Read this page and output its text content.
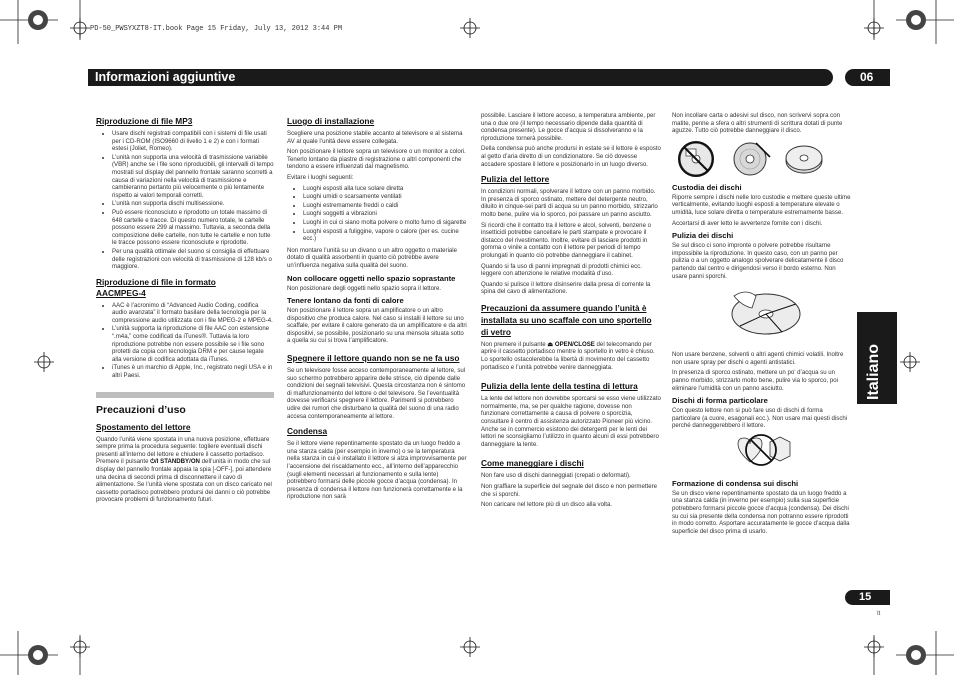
PD-50_PWSYXZT8-IT.book Page 15 Friday, July 13, 2012 3:44 PM
Informazioni aggiuntive	06
Italiano
15
It
Riproduzione di file MP3
• Usare dischi registrati compatibili con i sistemi di file usati per i CD-ROM (ISO9660 di livello 1 e 2) e con i formati estesi (Joliet, Romeo).
• L’unità non supporta una velocità di trasmissione variabile (VBR) anche se i file sono riproducibili, gli intervalli di tempo mostrati sul display del pannello frontale saranno scorretti a causa di variazioni nella velocità di trasmissione e cambieranno pertanto più velocemente o più lentamente rispetto ai valori temporali corretti.
• L’unità non supporta dischi multisessione.
• Può essere riconosciuto e riprodotto un totale massimo di 648 cartelle e tracce. Di questo numero totale, le cartelle possono essere 299 al massimo. Tuttavia, a seconda della composizione delle cartelle, non tutte le cartelle e non tutte le tracce possono essere riconosciute e riprodotte.
• Per una qualità ottimale del suono si consiglia di effettuare delle registrazioni con velocità di trasmissione di 128 kb/s o maggiore.
Riproduzione di file in formato
AACMPEG-4
• AAC è l’acronimo di “Advanced Audio Coding, codifica audio avanzata” il formato basilare della tecnologia per la compressione audio utilizzata con i file MPEG-2 e MPEG-4.
• L’unità supporta la riproduzione di file AAC con estensione “.m4a,” come codificati da iTunes®. Tuttavia la loro riproduzione potrebbe non essere possibile se i file sono protetti da copia con tecnologia DRM e per cause legate alla versione di codifica adottata da iTunes.
• iTunes è un marchio di Apple, Inc., registrato negli USA e in altri Paesi.
Precauzioni d’uso
Spostamento del lettore

Quando l’unità viene spostata in una nuova posizione, effettuare sempre prima la procedura seguente: togliere eventuali dischi presenti all’interno del lettore e chiudere il cassetto portadisco. Premere il pulsante ⏻/I STANDBY/ON dell’unità in modo che sul display del pannello frontale appaia la spia [-OFF-], poi attendere una decina di secondi prima di disconnettere il cavo di alimentazione. Se l’unità viene spostata con un disco caricato nel cassetto portadisco potrebbero prodursi dei danni o ciò potrebbe provocare problemi di funzionamento futuri.

Luogo di installazione

Scegliere una posizione stabile accanto al televisore e al sistema AV al quale l’unità deve essere collegata.

Non posizionare il lettore sopra un televisore o un monitor a colori. Tenerlo lontano da piastre di registrazione o altri componenti che tendono a essere influenzati dal magnetismo.

Evitare i luoghi seguenti:

• Luoghi esposti alla luce solare diretta
• Luoghi umidi o scarsamente ventilati
• Luoghi estremamente freddi o caldi
• Luoghi soggetti a vibrazioni
• Luoghi in cui ci siano molta polvere o molto fumo di sigarette
• Luoghi esposti a fuliggine, vapore o calore (per es. cucine ecc.)

Non montare l’unità su un divano o un altro oggetto o materiale dotato di qualità assorbenti in quanto ciò potrebbe avere un’influenza negativa sulla qualità del suono.

Non collocare oggetti nello spazio soprastante

Non posizionare degli oggetti nello spazio sopra il lettore.

Tenere lontano da fonti di calore

Non posizionare il lettore sopra un amplificatore o un altro dispositivo che produca calore. Nel caso si installi il lettore su uno scaffale, per evitare il calore generato da un amplificatore e da altri dispositivi, se possibile, posizionarlo su una mensola situata sotto a quella su cui si trova l’amplificatore.

Spegnere il lettore quando non se ne fa uso

Se un televisore fosse acceso contemporaneamente al lettore, sul suo schermo potrebbero apparire delle strisce, ciò dipende dalle condizioni dei segnali televisivi. Questa circostanza non è sintomo di malfunzionamento del lettore o del televisore. Se l’eventualità dovesse verificarsi spegnere il lettore. Parimenti si potrebbero udire dei rumori che disturbano la qualità del suono di una radio accesa contemporaneamente al lettore.

Condensa

Se il lettore viene repentinamente spostato da un luogo freddo a una stanza calda (per esempio in inverno) o se la temperatura nella stanza in cui è installato il lettore si alza improvvisamente per l’accensione del riscaldamento ecc., all’interno dell’apparecchio (sugli elementi necessari al funzionamento e sulla lente) potrebbero formarsi delle piccole gocce d’acqua (condensa). In presenza di condensa il lettore non funzionerà correttamente e la riproduzione non sarà

possibile. Lasciare il lettore acceso, a temperatura ambiente, per una o due ore (il tempo necessario dipende dalla quantità di condensa presente). Le gocce d’acqua si dissolveranno e la riproduzione tornerà possibile.

Della condensa può anche prodursi in estate se il lettore è esposto al getto d’aria diretto di un condizionatore. Se ciò dovesse accadere spostare il lettore e posizionarlo in un luogo diverso.

Pulizia del lettore

In condizioni normali, spolverare il lettore con un panno morbido. In presenza di sporco ostinato, mettere del detergente neutro, diluito in cinque-sei parti di acqua su un panno morbido, strizzarlo molto bene, pulire via lo sporco, poi passare un panno asciutto.

Si ricordi che il contatto tra il lettore e alcol, solventi, benzene o insetticidi potrebbe cancellare le parti stampate e provocare il distacco del rivestimento. Inoltre, evitare di lasciare prodotti in gomma o vinile a contatto con il lettore per periodi di tempo prolungati in quanto ciò potrebbe danneggiare il cabinet.

Quando si fa uso di panni impregnati di prodotti chimici ecc. leggere con attenzione le relative modalità d’uso.

Quando si pulisce il lettore disinserire dalla presa di corrente la spina del cavo di alimentazione.

Precauzioni da assumere quando l’unità è installata su uno scaffale con uno sportello di vetro

Non premere il pulsante ⏏ OPEN/CLOSE del telecomando per aprire il cassetto portadisco mentre lo sportello in vetro è chiuso. Lo sportello ostacolerebbe la libertà di movimento del cassetto portadisco e l’unità potrebbe venire danneggiata.

Pulizia della lente della testina di lettura

La lente del lettore non dovrebbe sporcarsi se esso viene utilizzato normalmente, ma, se per qualche ragione, dovesse non funzionare correttamente a causa di polvere o sporcizia, consultare il centro di assistenza autorizzato Pioneer più vicino. Anche se in commercio esistono dei detergenti per le lenti dei lettori ne sconsigliamo l’utilizzo in quanto alcuni di essi potrebbero danneggiare la lente.

Come maneggiare i dischi

Non fare uso di dischi danneggiati (crepati o deformati).

Non graffiare la superficie del segnale del disco e non permettere che si sporchi.

Non caricare nel lettore più di un disco alla volta.

Non incollare carta o adesivi sul disco, non scrivervi sopra con matite, penne a sfera o altri strumenti di scrittura dotati di punte aguzze. Tutto ciò potrebbe danneggiare il disco.

Custodia dei dischi

Riporre sempre i dischi nelle loro custodie e mettere queste ultime verticalmente, evitando luoghi esposti a temperature elevate o umidità, luce solare diretta o temperature estremamente basse.

Accertarsi di aver letto le avvertenze fornite con i dischi.

Pulizia dei dischi

Se sul disco ci sono impronte o polvere potrebbe risultarne impossibile la riproduzione. In questo caso, con un panno per pulizia o a un oggetto analogo spolverare delicatamente il disco partendo dal centro e dirigendosi verso il bordo esterno. Non usare panni sporchi.

Non usare benzene, solventi o altri agenti chimici volatili. Inoltre non usare spray per dischi o agenti antistatici.

In presenza di sporco ostinato, mettere un po’ d’acqua su un panno morbido, strizzarlo molto bene, pulire via lo sporco, poi eliminare l’umidità con un panno asciutto.

Dischi di forma particolare

Con questo lettore non si può fare uso di dischi di forma particolare (a cuore, esagonali ecc.). Non usare mai questi dischi perché danneggerebbero il lettore.

Formazione di condensa sui dischi

Se un disco viene repentinamente spostato da un luogo freddo a una stanza calda (in inverno per esempio) sulla sua superficie potrebbero formarsi piccole gocce d’acqua (condensa). Dei dischi su cui sia presente della condensa non potranno essere riprodotti in modo corretto. Asportare accuratamente le gocce d’acqua dalla superficie del disco prima di usarlo.
